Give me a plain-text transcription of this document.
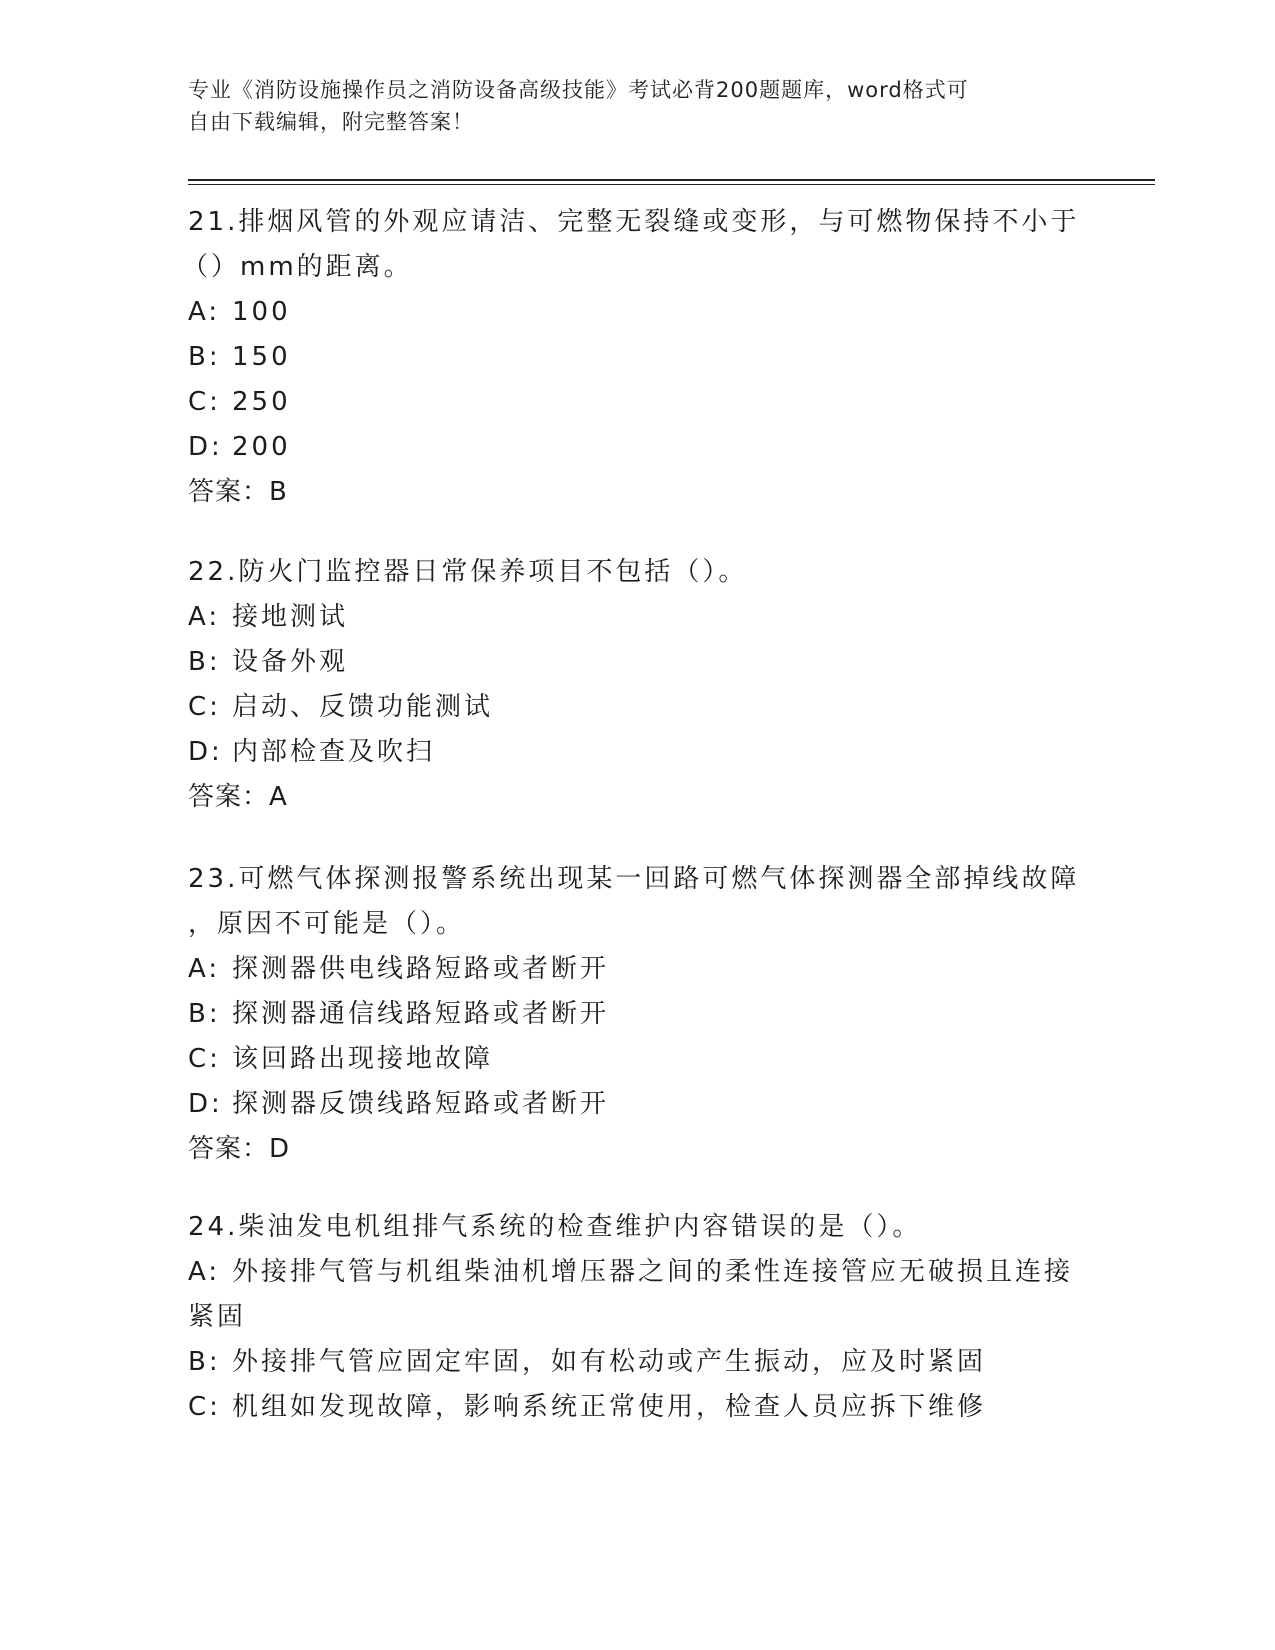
专业《消防设施操作员之消防设备高级技能》考试必背200题题库，word格式可
自由下载编辑，附完整答案！
21.排烟风管的外观应请洁、完整无裂缝或变形，与可燃物保持不小于
（）mm的距离。
A: 100
B: 150
C: 250
D: 200
答案：B
22.防火门监控器日常保养项目不包括（）。
A: 接地测试
B: 设备外观
C: 启动、反馈功能测试
D: 内部检查及吹扫
答案：A
23.可燃气体探测报警系统出现某一回路可燃气体探测器全部掉线故障
，原因不可能是（）。
A: 探测器供电线路短路或者断开
B: 探测器通信线路短路或者断开
C: 该回路出现接地故障
D: 探测器反馈线路短路或者断开
答案：D
24.柴油发电机组排气系统的检查维护内容错误的是（）。
A: 外接排气管与机组柴油机增压器之间的柔性连接管应无破损且连接
紧固
B: 外接排气管应固定牢固，如有松动或产生振动，应及时紧固
C: 机组如发现故障，影响系统正常使用，检查人员应拆下维修
